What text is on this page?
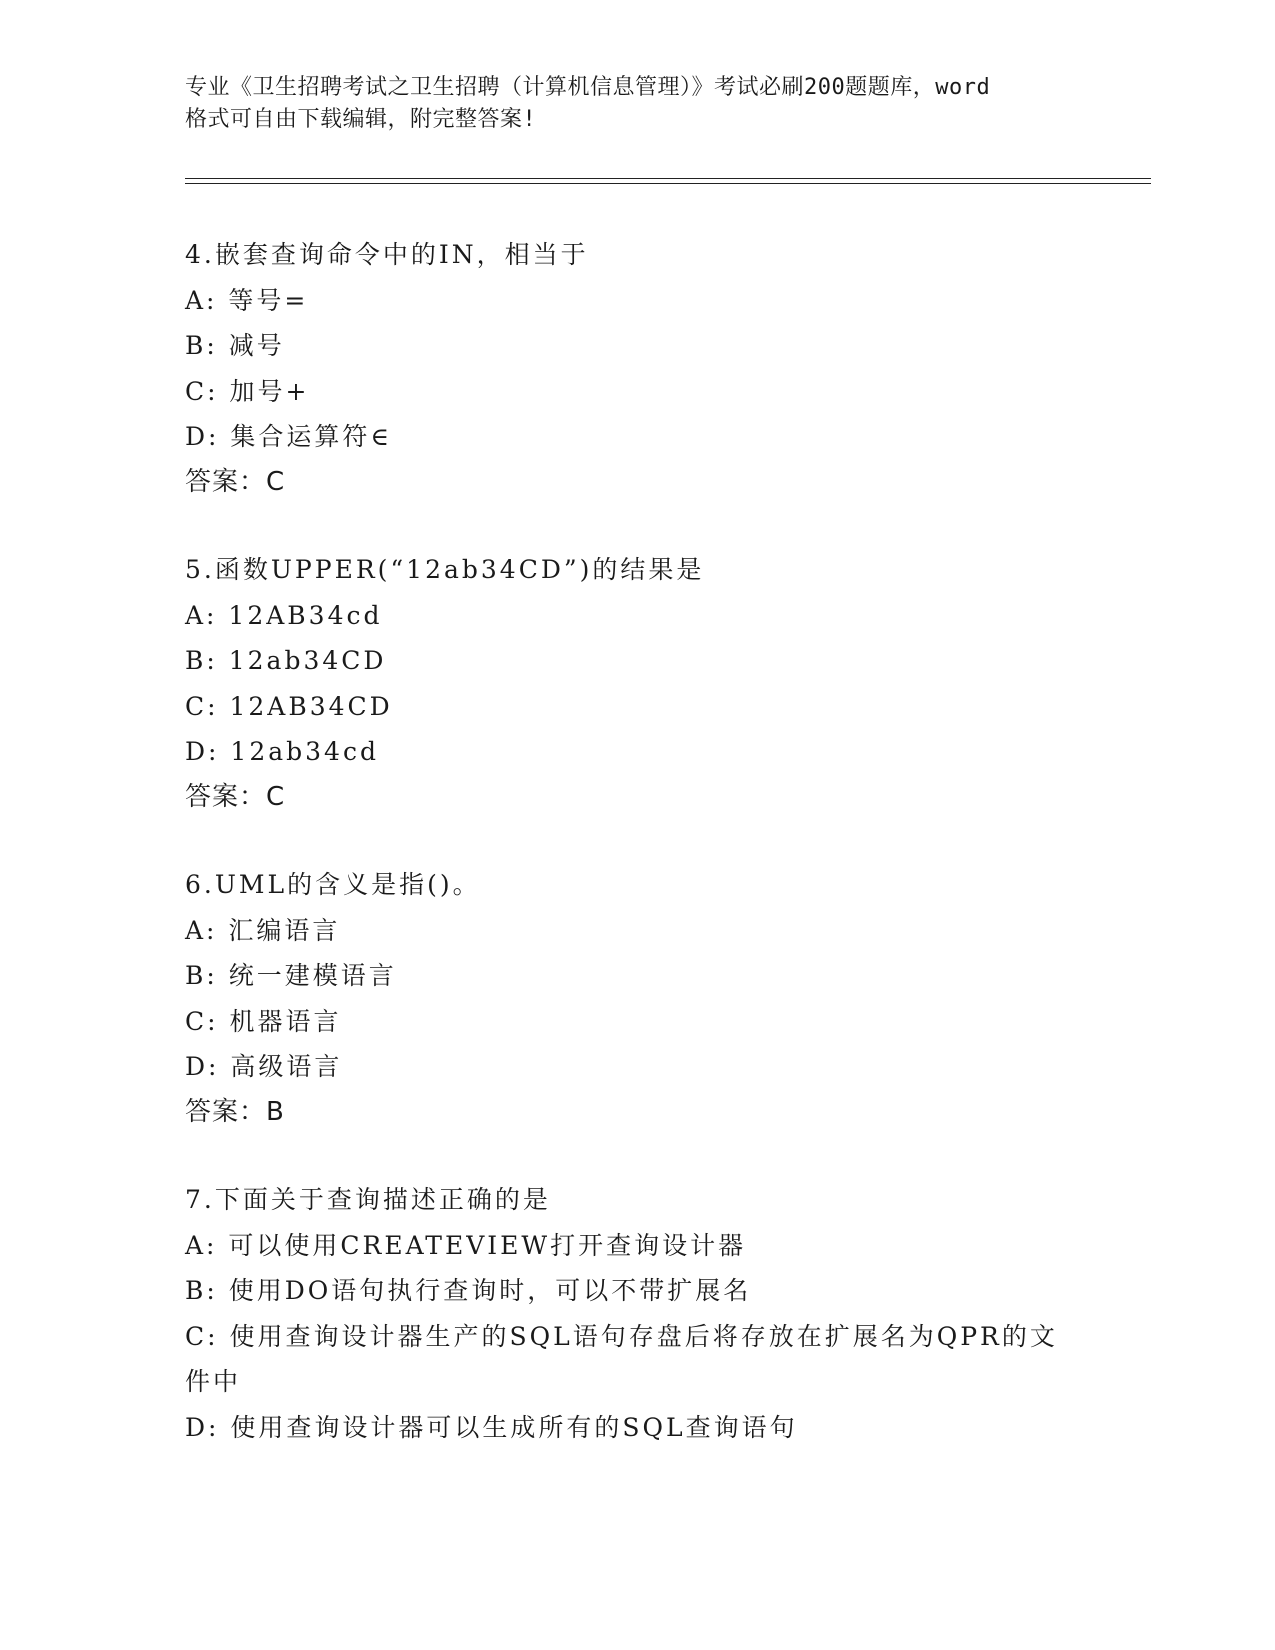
专业《卫生招聘考试之卫生招聘（计算机信息管理）》考试必刷200题题库，word
格式可自由下载编辑，附完整答案!
4.嵌套查询命令中的IN，相当于
A: 等号=
B: 减号
C: 加号+
D: 集合运算符∈
答案：C
5.函数UPPER(“12ab34CD”)的结果是
A: 12AB34cd
B: 12ab34CD
C: 12AB34CD
D: 12ab34cd
答案：C
6.UML的含义是指()。
A: 汇编语言
B: 统一建模语言
C: 机器语言
D: 高级语言
答案：B
7.下面关于查询描述正确的是
A: 可以使用CREATEVIEW打开查询设计器
B: 使用DO语句执行查询时，可以不带扩展名
C: 使用查询设计器生产的SQL语句存盘后将存放在扩展名为QPR的文件中
D: 使用查询设计器可以生成所有的SQL查询语句
